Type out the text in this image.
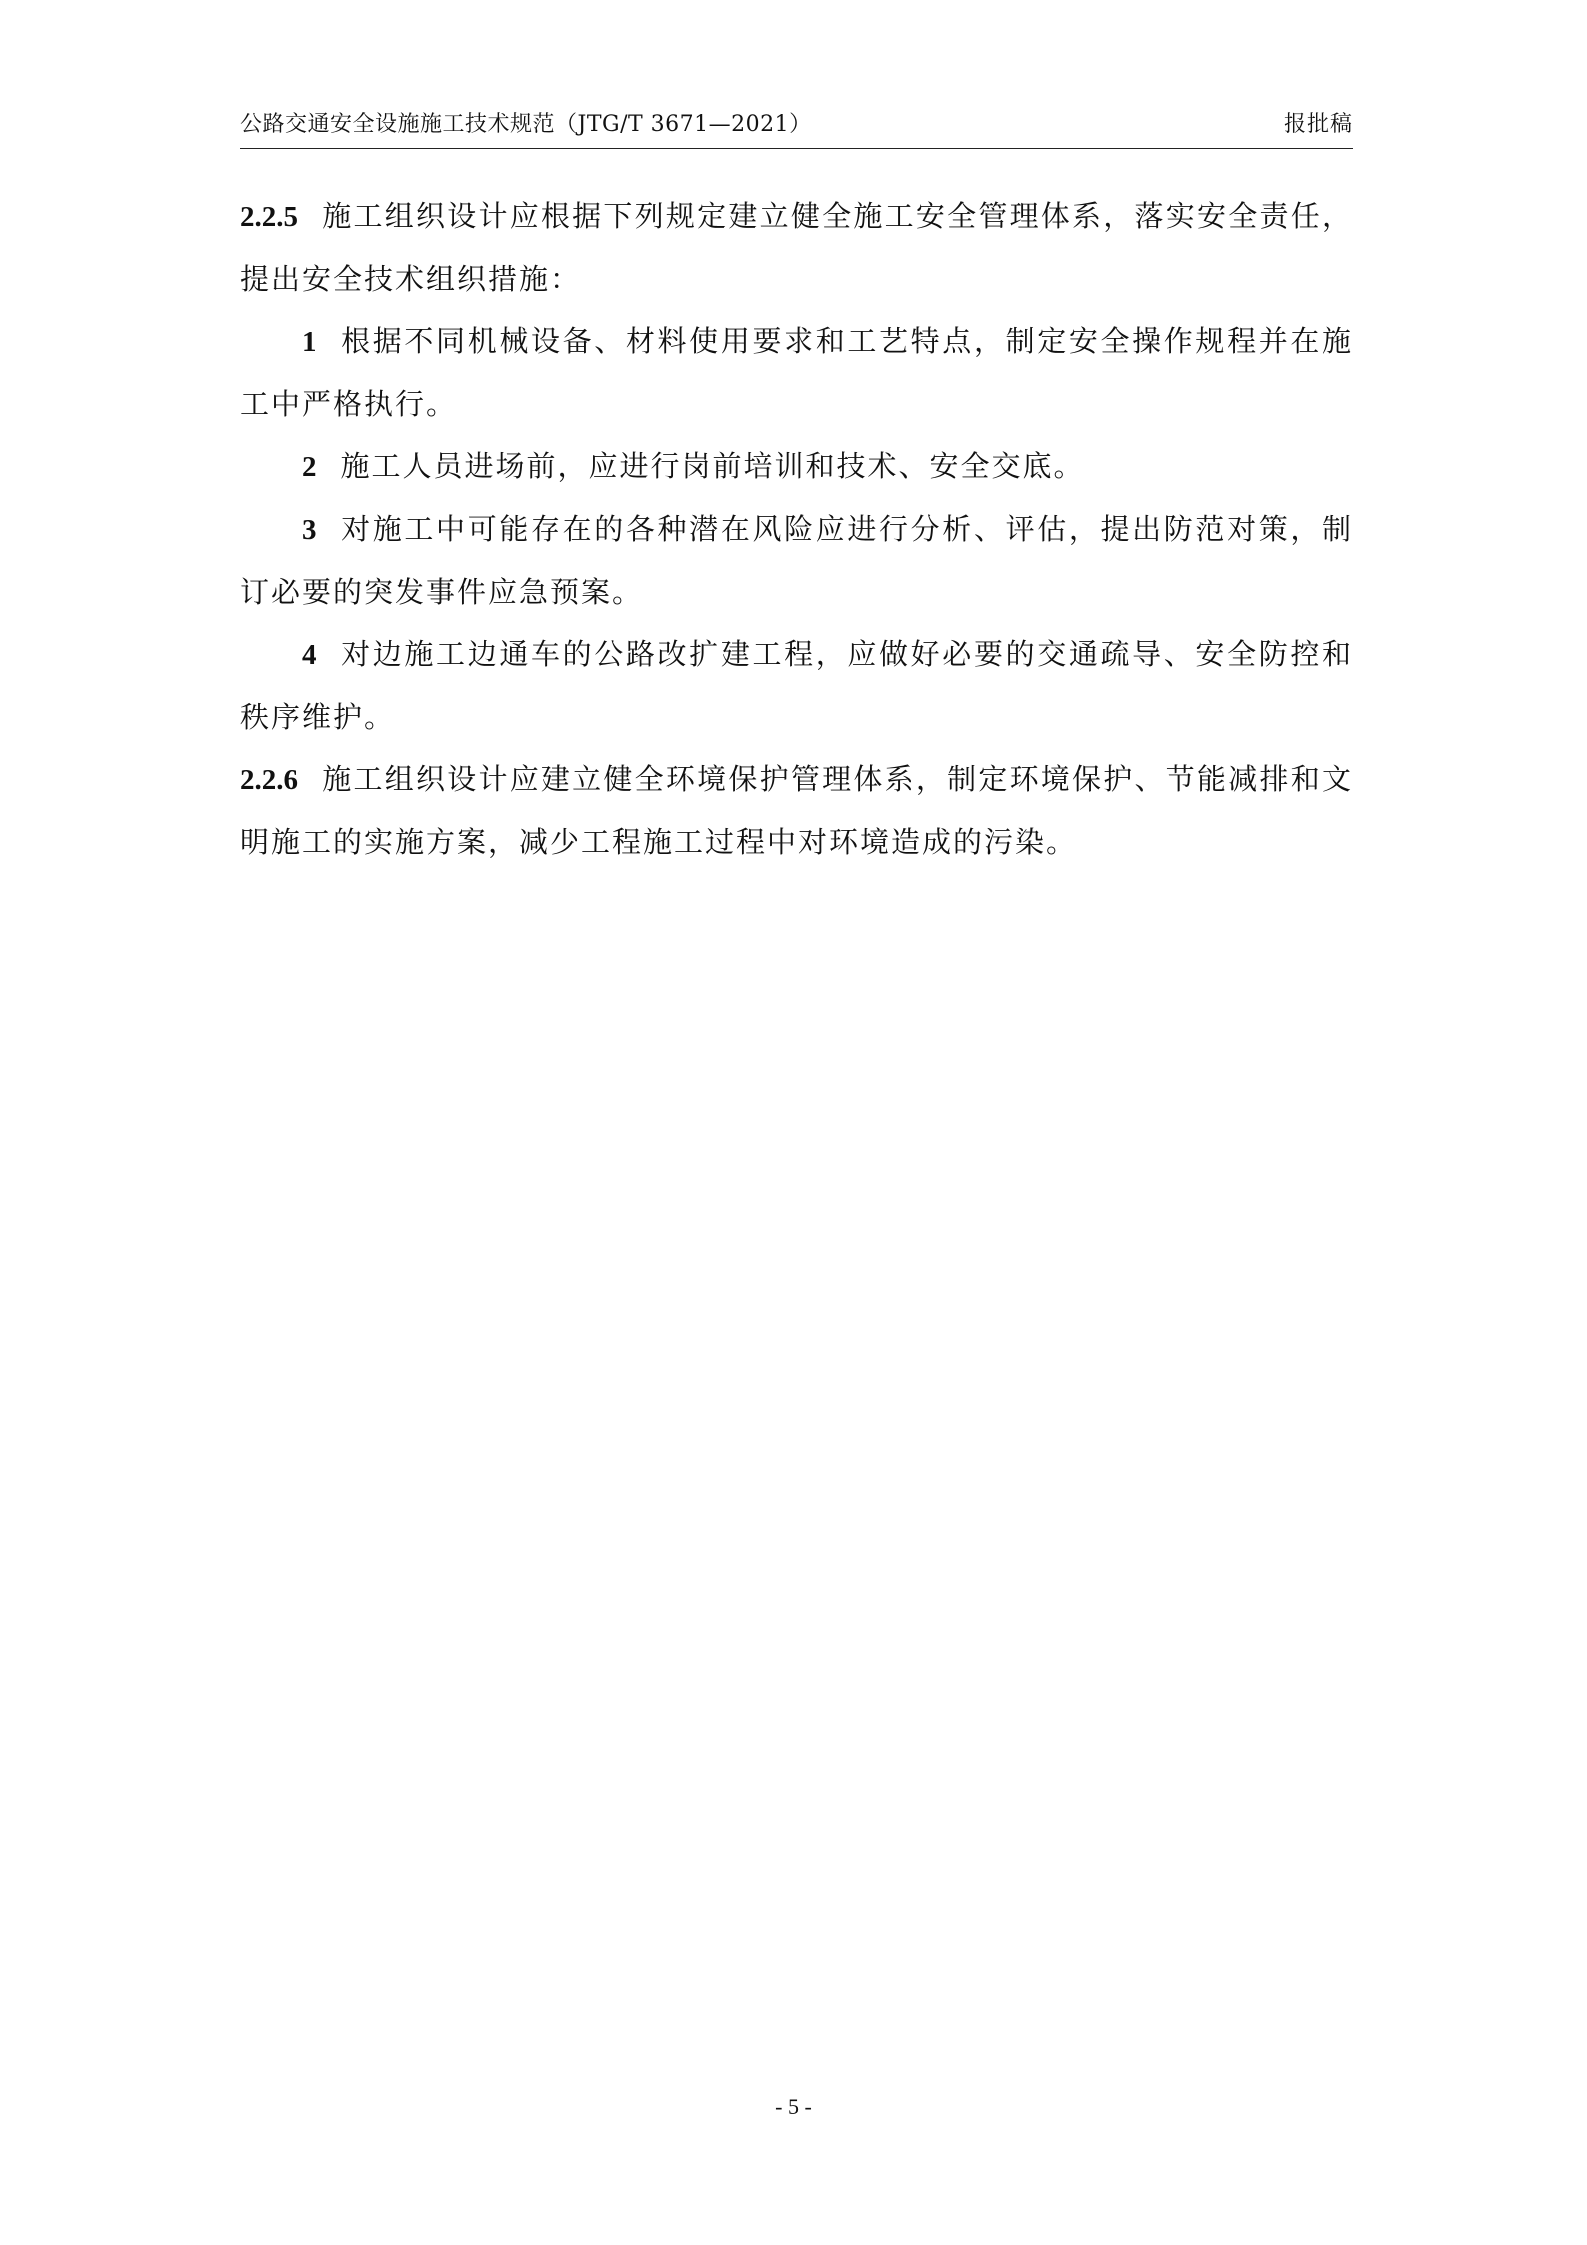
公路交通安全设施施工技术规范（JTG/T 3671—2021）	报批稿

2.2.5 施工组织设计应根据下列规定建立健全施工安全管理体系，落实安全责任，提出安全技术组织措施：

1 根据不同机械设备、材料使用要求和工艺特点，制定安全操作规程并在施工中严格执行。

2 施工人员进场前，应进行岗前培训和技术、安全交底。

3 对施工中可能存在的各种潜在风险应进行分析、评估，提出防范对策，制订必要的突发事件应急预案。

4 对边施工边通车的公路改扩建工程，应做好必要的交通疏导、安全防控和秩序维护。

2.2.6 施工组织设计应建立健全环境保护管理体系，制定环境保护、节能减排和文明施工的实施方案，减少工程施工过程中对环境造成的污染。

- 5 -
